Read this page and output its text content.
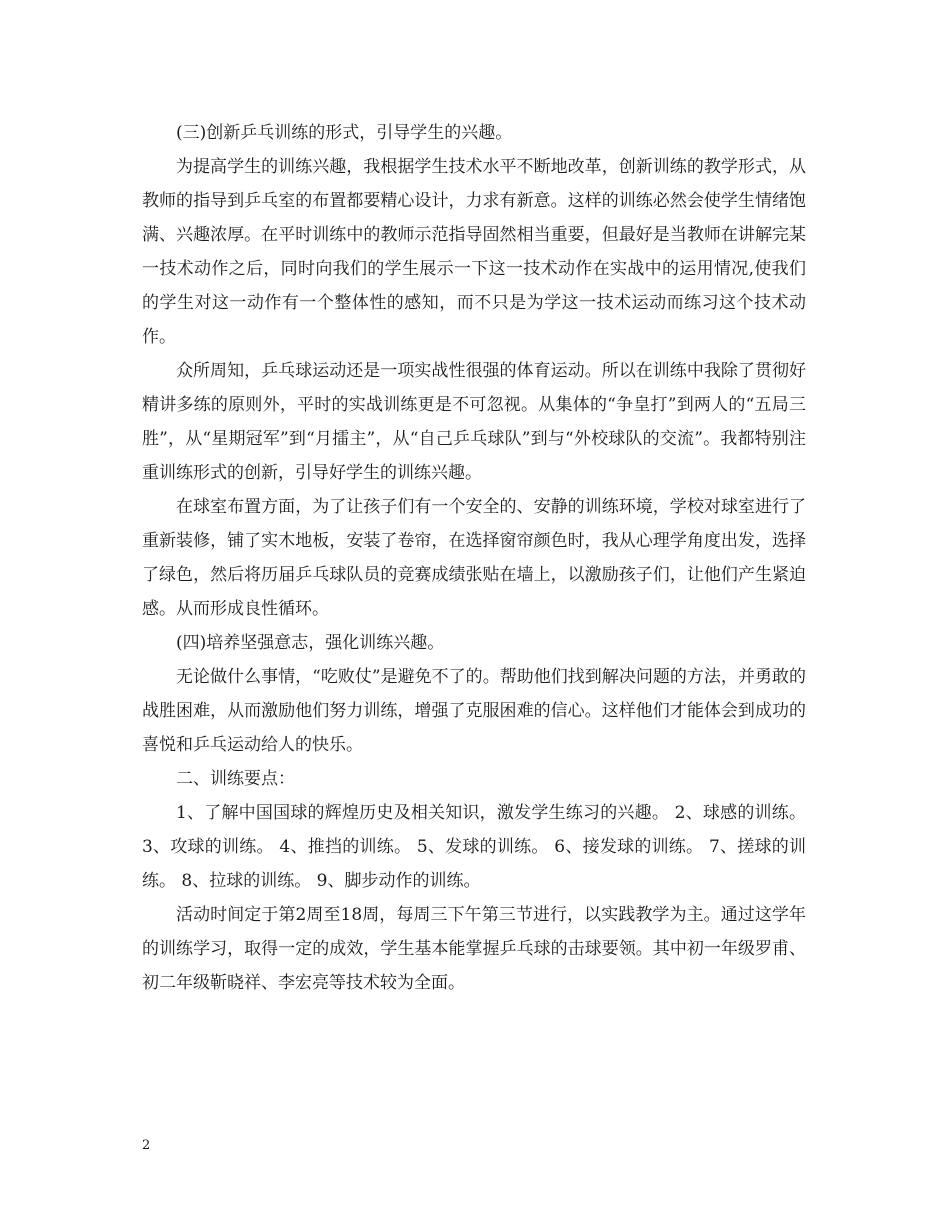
(三)创新乒乓训练的形式，引导学生的兴趣。

为提高学生的训练兴趣，我根据学生技术水平不断地改革，创新训练的教学形式，从教师的指导到乒乓室的布置都要精心设计，力求有新意。这样的训练必然会使学生情绪饱满、兴趣浓厚。在平时训练中的教师示范指导固然相当重要，但最好是当教师在讲解完某一技术动作之后，同时向我们的学生展示一下这一技术动作在实战中的运用情况,使我们的学生对这一动作有一个整体性的感知，而不只是为学这一技术运动而练习这个技术动作。

众所周知，乒乓球运动还是一项实战性很强的体育运动。所以在训练中我除了贯彻好精讲多练的原则外，平时的实战训练更是不可忽视。从集体的“争皇打”到两人的“五局三胜”，从“星期冠军”到“月擂主”，从“自己乒乓球队”到与“外校球队的交流”。我都特别注重训练形式的创新，引导好学生的训练兴趣。

在球室布置方面，为了让孩子们有一个安全的、安静的训练环境，学校对球室进行了重新装修，铺了实木地板，安装了卷帘，在选择窗帘颜色时，我从心理学角度出发，选择了绿色，然后将历届乒乓球队员的竞赛成绩张贴在墙上，以激励孩子们，让他们产生紧迫感。从而形成良性循环。

(四)培养坚强意志，强化训练兴趣。

无论做什么事情，“吃败仗”是避免不了的。帮助他们找到解决问题的方法，并勇敢的战胜困难，从而激励他们努力训练，增强了克服困难的信心。这样他们才能体会到成功的喜悦和乒乓运动给人的快乐。

二、训练要点：

1、了解中国国球的辉煌历史及相关知识，激发学生练习的兴趣。 2、球感的训练。 3、攻球的训练。 4、推挡的训练。 5、发球的训练。 6、接发球的训练。 7、搓球的训练。 8、拉球的训练。 9、脚步动作的训练。

活动时间定于第2周至18周，每周三下午第三节进行，以实践教学为主。通过这学年的训练学习，取得一定的成效，学生基本能掌握乒乓球的击球要领。其中初一年级罗甫、初二年级靳晓祥、李宏亮等技术较为全面。

2
